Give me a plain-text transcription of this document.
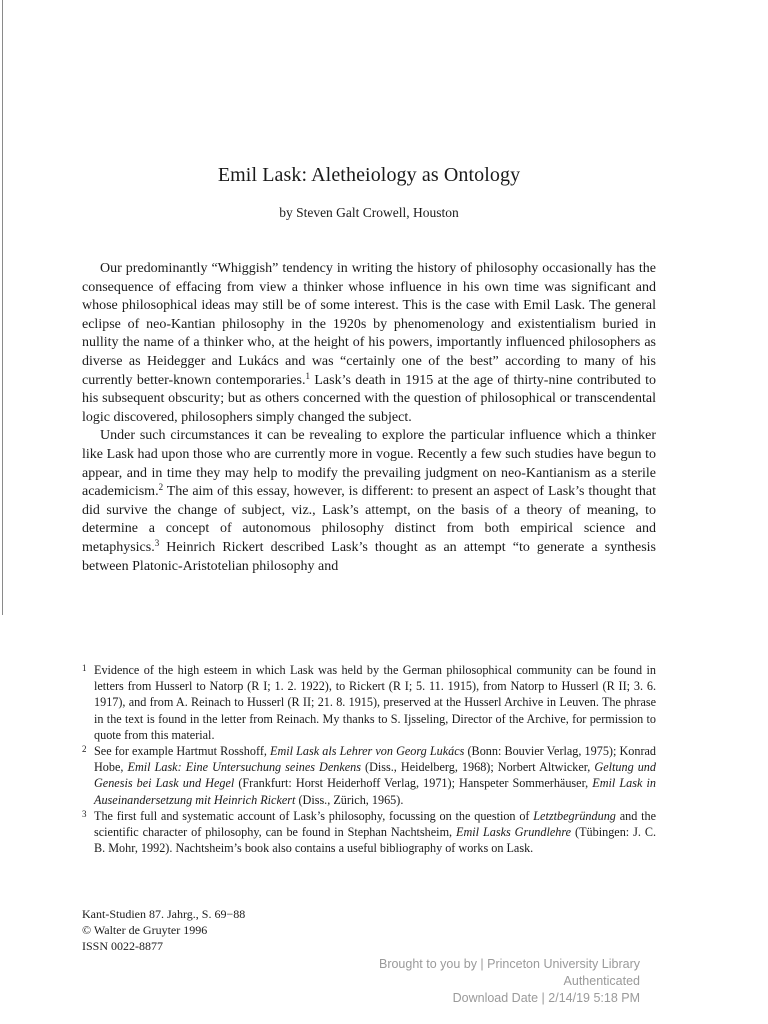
Emil Lask: Aletheiology as Ontology
by Steven Galt Crowell, Houston

Our predominantly “Whiggish” tendency in writing the history of philosophy occasionally has the consequence of effacing from view a thinker whose influence in his own time was significant and whose philosophical ideas may still be of some interest. This is the case with Emil Lask. The general eclipse of neo-Kantian philosophy in the 1920s by phenomenology and existentialism buried in nullity the name of a thinker who, at the height of his powers, importantly influenced philosophers as diverse as Heidegger and Lukács and was “certainly one of the best” according to many of his currently better-known contemporaries.$^1$ Lask’s death in 1915 at the age of thirty-nine contributed to his subsequent obscurity; but as others concerned with the question of philosophical or transcendental logic discovered, philosophers simply changed the subject.

Under such circumstances it can be revealing to explore the particular influence which a thinker like Lask had upon those who are currently more in vogue. Recently a few such studies have begun to appear, and in time they may help to modify the prevailing judgment on neo-Kantianism as a sterile academicism.$^2$ The aim of this essay, however, is different: to present an aspect of Lask’s thought that did survive the change of subject, viz., Lask’s attempt, on the basis of a theory of meaning, to determine a concept of autonomous philosophy distinct from both empirical science and metaphysics.$^3$ Heinrich Rickert described Lask’s thought as an attempt “to generate a synthesis between Platonic-Aristotelian philosophy and

1 Evidence of the high esteem in which Lask was held by the German philosophical community can be found in letters from Husserl to Natorp (R I; 1. 2. 1922), to Rickert (R I; 5. 11. 1915), from Natorp to Husserl (R II; 3. 6. 1917), and from A. Reinach to Husserl (R II; 21. 8. 1915), preserved at the Husserl Archive in Leuven. The phrase in the text is found in the letter from Reinach. My thanks to S. Ijsseling, Director of the Archive, for permission to quote from this material.
2 See for example Hartmut Rosshoff, Emil Lask als Lehrer von Georg Lukács (Bonn: Bouvier Verlag, 1975); Konrad Hobe, Emil Lask: Eine Untersuchung seines Denkens (Diss., Heidelberg, 1968); Norbert Altwicker, Geltung und Genesis bei Lask und Hegel (Frankfurt: Horst Heiderhoff Verlag, 1971); Hanspeter Sommerhäuser, Emil Lask in Auseinandersetzung mit Heinrich Rickert (Diss., Zürich, 1965).
3 The first full and systematic account of Lask’s philosophy, focussing on the question of Letztbegründung and the scientific character of philosophy, can be found in Stephan Nachtsheim, Emil Lasks Grundlehre (Tübingen: J. C. B. Mohr, 1992). Nachtsheim’s book also contains a useful bibliography of works on Lask.
Kant-Studien 87. Jahrg., S. 69−88
© Walter de Gruyter 1996
ISSN 0022-8877
Brought to you by | Princeton University Library
Authenticated
Download Date | 2/14/19 5:18 PM
